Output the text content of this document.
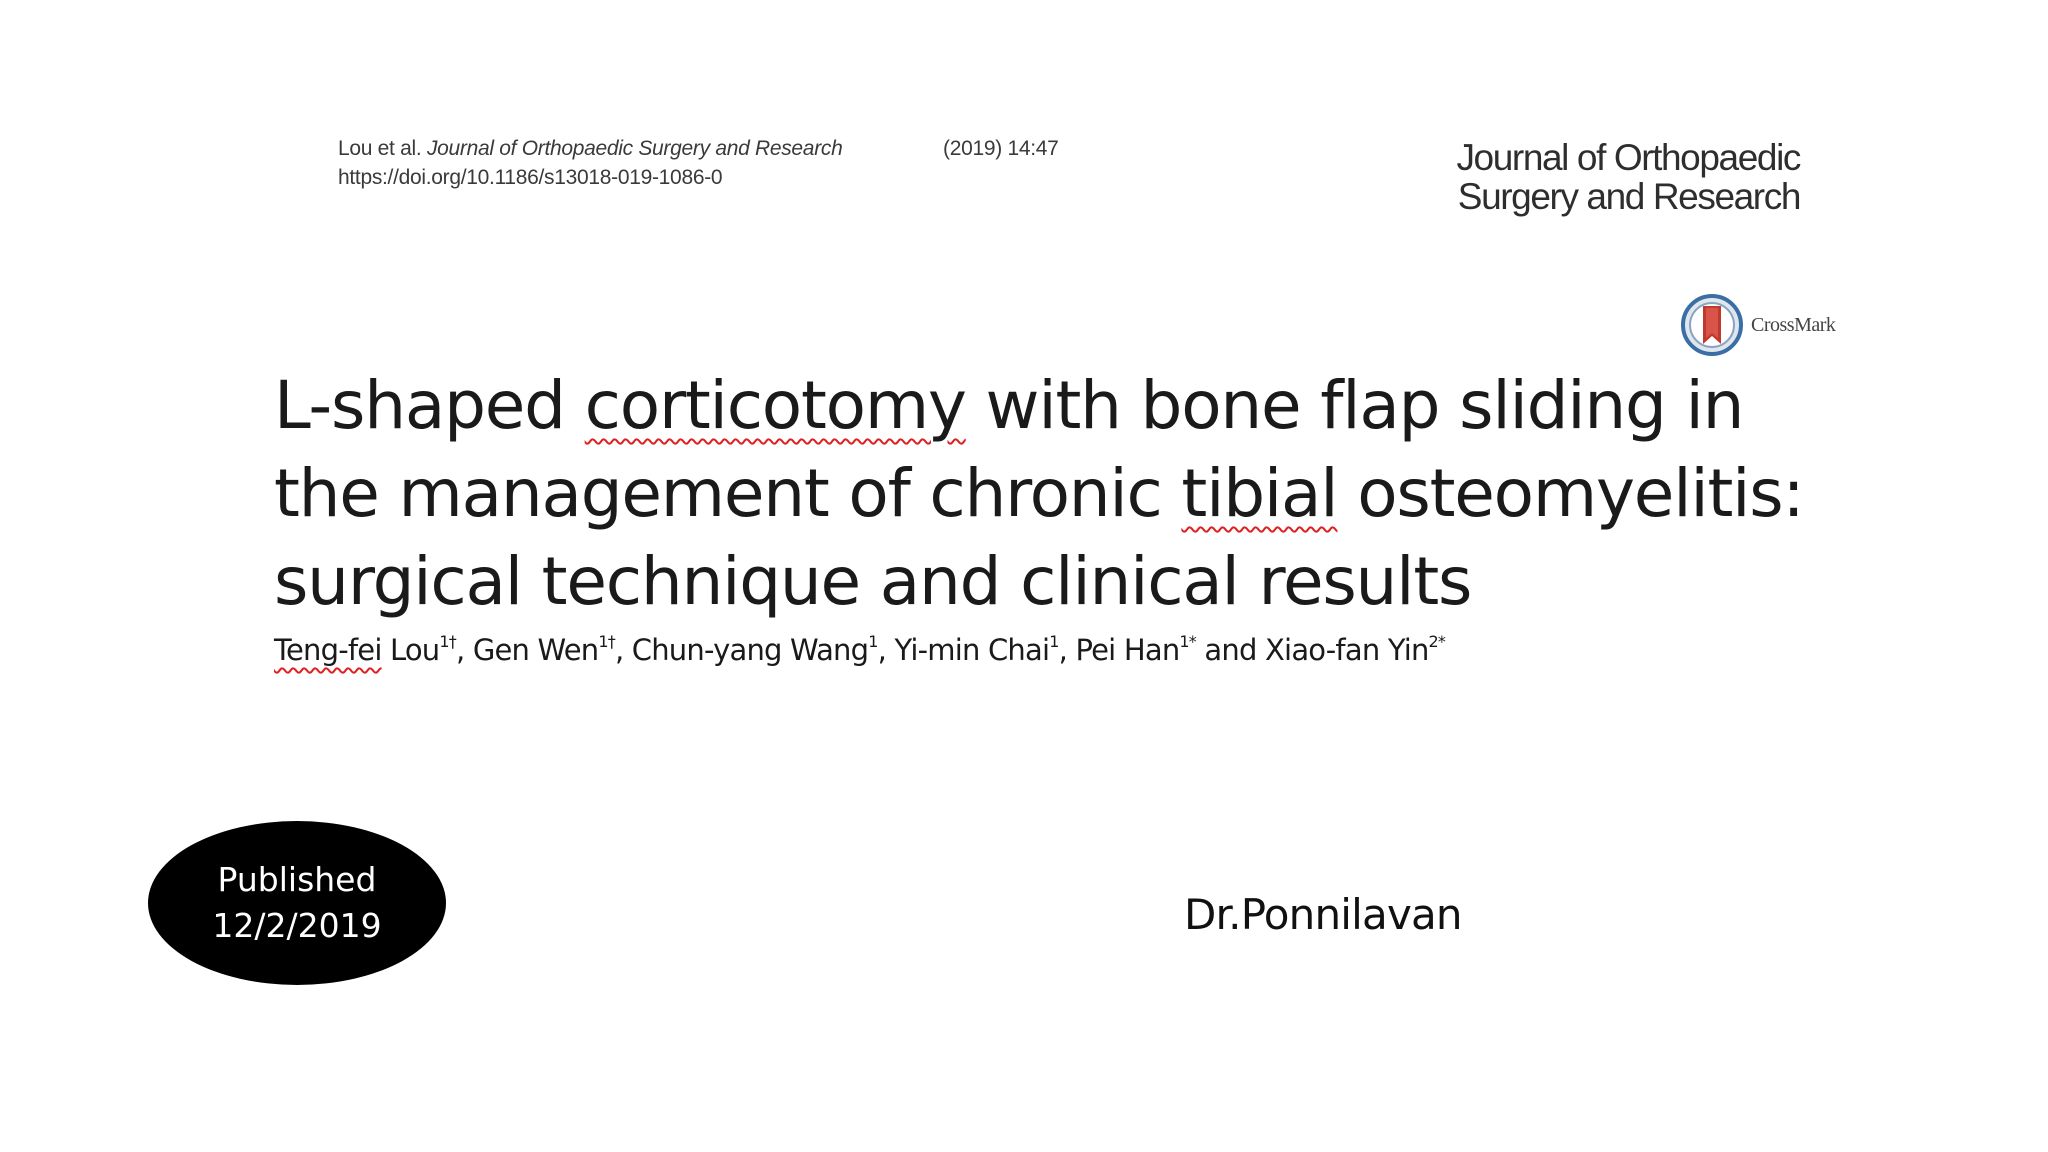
Lou et al. Journal of Orthopaedic Surgery and Research
https://doi.org/10.1186/s13018-019-1086-0
(2019) 14:47	Journal of Orthopaedic
Surgery and Research
CrossMark
L-shaped corticotomy with bone flap sliding in
the management of chronic tibial osteomyelitis:
surgical technique and clinical results
Teng-fei Lou$^{1\dagger}$, Gen Wen$^{1\dagger}$, Chun-yang Wang$^1$, Yi-min Chai$^1$, Pei Han$^{1*}$ and Xiao-fan Yin$^{2*}$
Published
12/2/2019	Dr.Ponnilavan
